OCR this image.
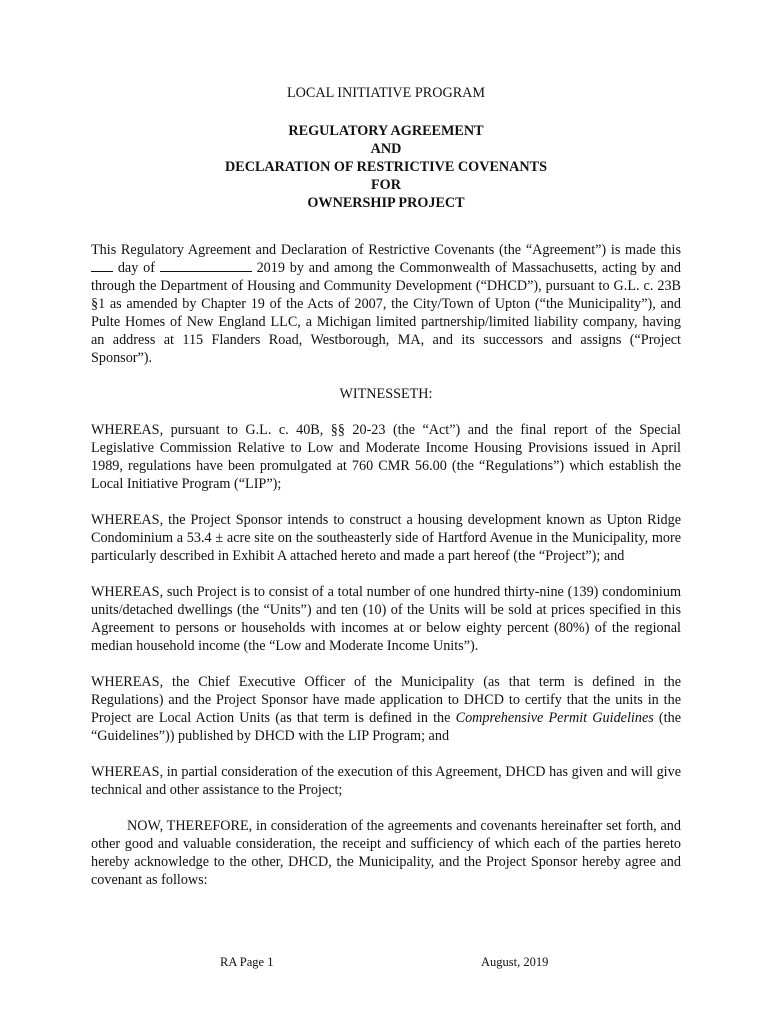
LOCAL INITIATIVE PROGRAM
REGULATORY AGREEMENT
AND
DECLARATION OF RESTRICTIVE COVENANTS
FOR
OWNERSHIP PROJECT

This Regulatory Agreement and Declaration of Restrictive Covenants (the “Agreement”) is made this  day of	2019 by and among the Commonwealth of Massachusetts, acting by and through the Department of Housing and Community Development (“DHCD”), pursuant to G.L. c. 23B §1 as amended by Chapter 19 of the Acts of 2007, the City/Town of Upton (“the Municipality”), and Pulte Homes of New England LLC, a Michigan limited partnership/limited liability company, having an address at 115 Flanders Road, Westborough, MA, and its successors and assigns (“Project Sponsor”).

WITNESSETH:

WHEREAS, pursuant to G.L. c. 40B, §§ 20-23 (the “Act”) and the final report of the Special Legislative Commission Relative to Low and Moderate Income Housing Provisions issued in April 1989, regulations have been promulgated at 760 CMR 56.00 (the “Regulations”) which establish the Local Initiative Program (“LIP”);

WHEREAS, the Project Sponsor intends to construct a housing development known as Upton Ridge Condominium a 53.4 ± acre site on the southeasterly side of Hartford Avenue in the Municipality, more particularly described in Exhibit A attached hereto and made a part hereof (the “Project”); and

WHEREAS, such Project is to consist of a total number of one hundred thirty-nine (139) condominium units/detached dwellings (the “Units”) and ten (10) of the Units will be sold at prices specified in this Agreement to persons or households with incomes at or below eighty percent (80%) of the regional median household income (the “Low and Moderate Income Units”).

WHEREAS, the Chief Executive Officer of the Municipality (as that term is defined in the Regulations) and the Project Sponsor have made application to DHCD to certify that the units in the Project are Local Action Units (as that term is defined in the Comprehensive Permit Guidelines (the “Guidelines”)) published by DHCD with the LIP Program; and

WHEREAS, in partial consideration of the execution of this Agreement, DHCD has given and will give technical and other assistance to the Project;

NOW, THEREFORE, in consideration of the agreements and covenants hereinafter set forth, and other good and valuable consideration, the receipt and sufficiency of which each of the parties hereto hereby acknowledge to the other, DHCD, the Municipality, and the Project Sponsor hereby agree and covenant as follows:

RA Page 1	August, 2019
